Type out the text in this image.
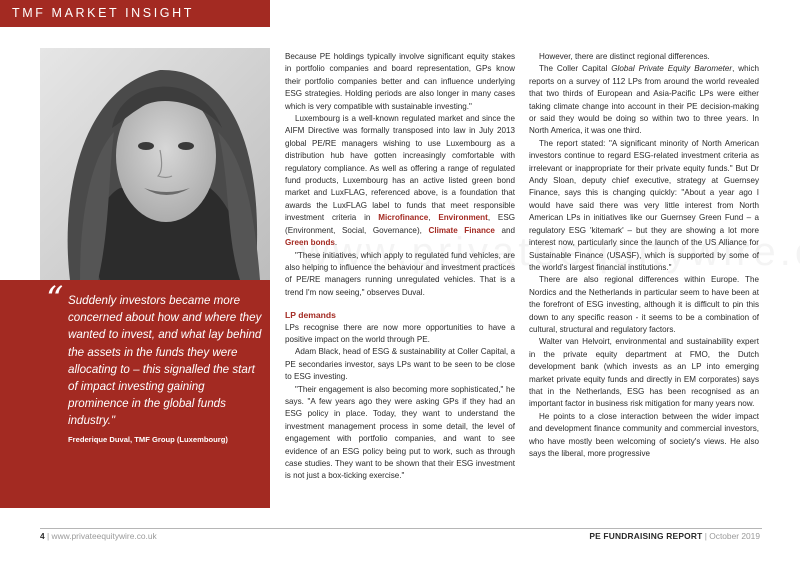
TMF MARKET INSIGHT
“ Suddenly investors became more concerned about how and where they wanted to invest, and what lay behind the assets in the funds they were allocating to – this signalled the start of impact investing gaining prominence in the global funds industry."

Frederique Duval, TMF Group (Luxembourg)

Because PE holdings typically involve significant equity stakes in portfolio companies and board representation, GPs know their portfolio companies better and can influence underlying ESG strategies. Holding periods are also longer in many cases which is very compatible with sustainable investing."

Luxembourg is a well-known regulated market and since the AIFM Directive was formally transposed into law in July 2013 global PE/RE managers wishing to use Luxembourg as a distribution hub have gotten increasingly comfortable with regulatory compliance. As well as offering a range of regulated fund products, Luxembourg has an active listed green bond market and LuxFLAG, referenced above, is a foundation that awards the LuxFLAG label to funds that meet responsible investment criteria in Microfinance, Environment, ESG (Environment, Social, Governance), Climate Finance and Green bonds.

"These initiatives, which apply to regulated fund vehicles, are also helping to influence the behaviour and investment practices of PE/RE managers running unregulated vehicles. That is a trend I'm now seeing," observes Duval.

LP demands

LPs recognise there are now more opportunities to have a positive impact on the world through PE.

Adam Black, head of ESG & sustainability at Coller Capital, a PE secondaries investor, says LPs want to be seen to be close to ESG investing.

"Their engagement is also becoming more sophisticated," he says. "A few years ago they were asking GPs if they had an ESG policy in place. Today, they want to understand the investment management process in some detail, the level of engagement with portfolio companies, and want to see evidence of an ESG policy being put to work, such as through case studies. They want to be shown that their ESG investment is not just a box-ticking exercise."

However, there are distinct regional differences.

The Coller Capital Global Private Equity Barometer, which reports on a survey of 112 LPs from around the world revealed that two thirds of European and Asia-Pacific LPs were either taking climate change into account in their PE decision-making or said they would be doing so within two to three years. In North America, it was one third.

The report stated: "A significant minority of North American investors continue to regard ESG-related investment criteria as irrelevant or inappropriate for their private equity funds." But Dr Andy Sloan, deputy chief executive, strategy at Guernsey Finance, says this is changing quickly: "About a year ago I would have said there was very little interest from North American LPs in initiatives like our Guernsey Green Fund – a regulatory ESG 'kitemark' – but they are showing a lot more interest now, particularly since the launch of the US Alliance for Sustainable Finance (USASF), which is supported by some of the world's largest financial institutions."

There are also regional differences within Europe. The Nordics and the Netherlands in particular seem to have been at the forefront of ESG investing, although it is difficult to pin this down to any specific reason - it seems to be a combination of cultural, structural and regulatory factors.

Walter van Helvoirt, environmental and sustainability expert in the private equity department at FMO, the Dutch development bank (which invests as an LP into emerging market private equity funds and directly in EM corporates) says that in the Netherlands, ESG has been recognised as an important factor in business risk mitigation for many years now.

He points to a close interaction between the wider impact and development finance community and commercial investors, who have mostly been welcoming of society's views. He also says the liberal, more progressive

4 | www.privateequitywire.co.uk	PE FUNDRAISING REPORT | October 2019
